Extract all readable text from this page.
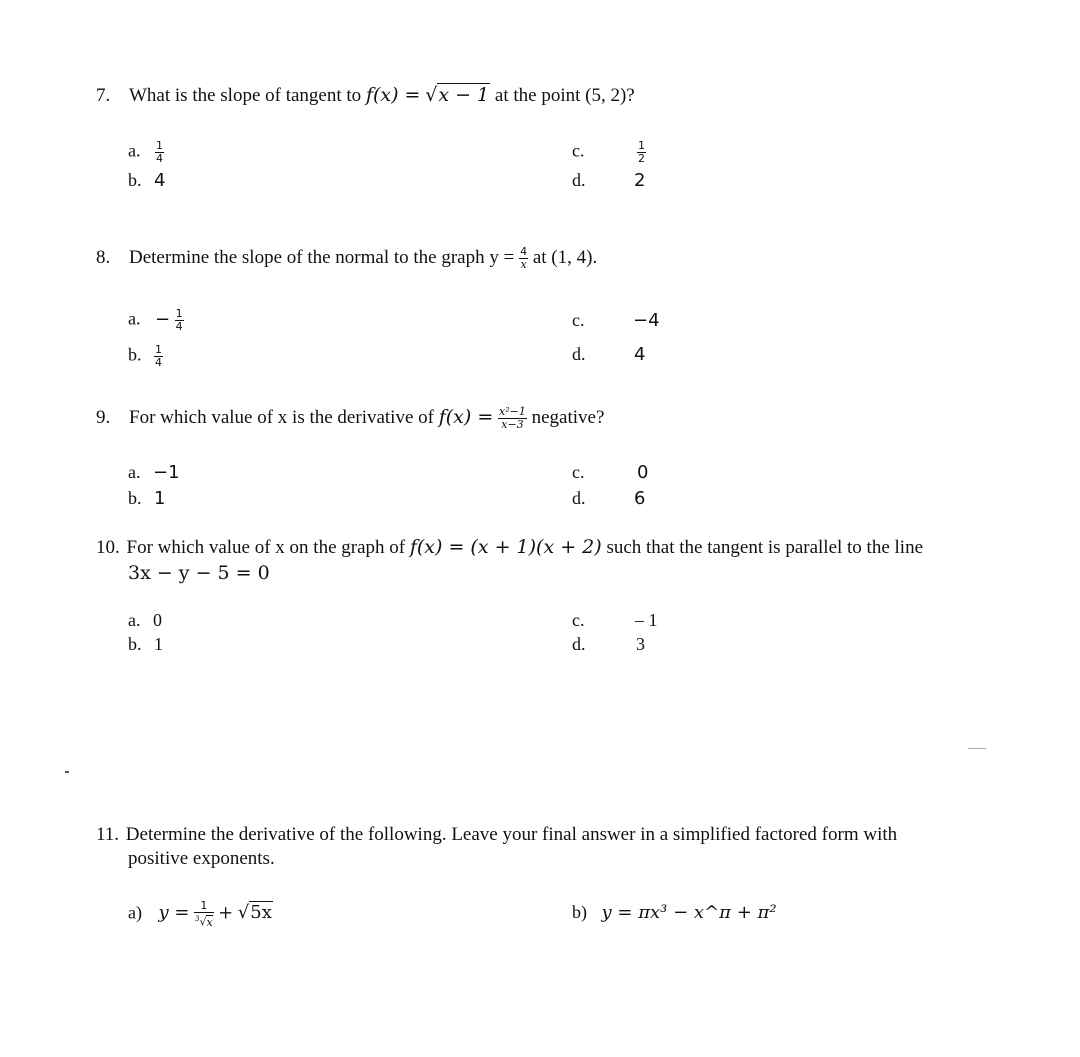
7. What is the slope of tangent to f(x) = √x − 1 at the point (5, 2)?
a. $\frac{1}{4}$
b. 4
c.	$\frac{1}{2}$
d.	2
8. Determine the slope of the normal to the graph $y = \frac{4}{x}$ at (1, 4).
a. − $\frac{1}{4}$
b. $\frac{1}{4}$
c.	−4
d.	4
9. For which value of x is the derivative of $f(x) = \frac{\text{x²−1}}{x-3}$ negative?
a. −1
b. 1
c.	0
d.	6
10. For which value of x on the graph of f(x) = (x + 1)(x + 2) such that the tangent is parallel to the line
3x − y − 5 = 0
a. 0
b. 1
c.	– 1
d.	3
11. Determine the derivative of the following. Leave your final answer in a simplified factored form with
positive exponents.
a) $y = \frac{1}{^3√x} + √5x$	b) y = πx³ − x^π + π²
